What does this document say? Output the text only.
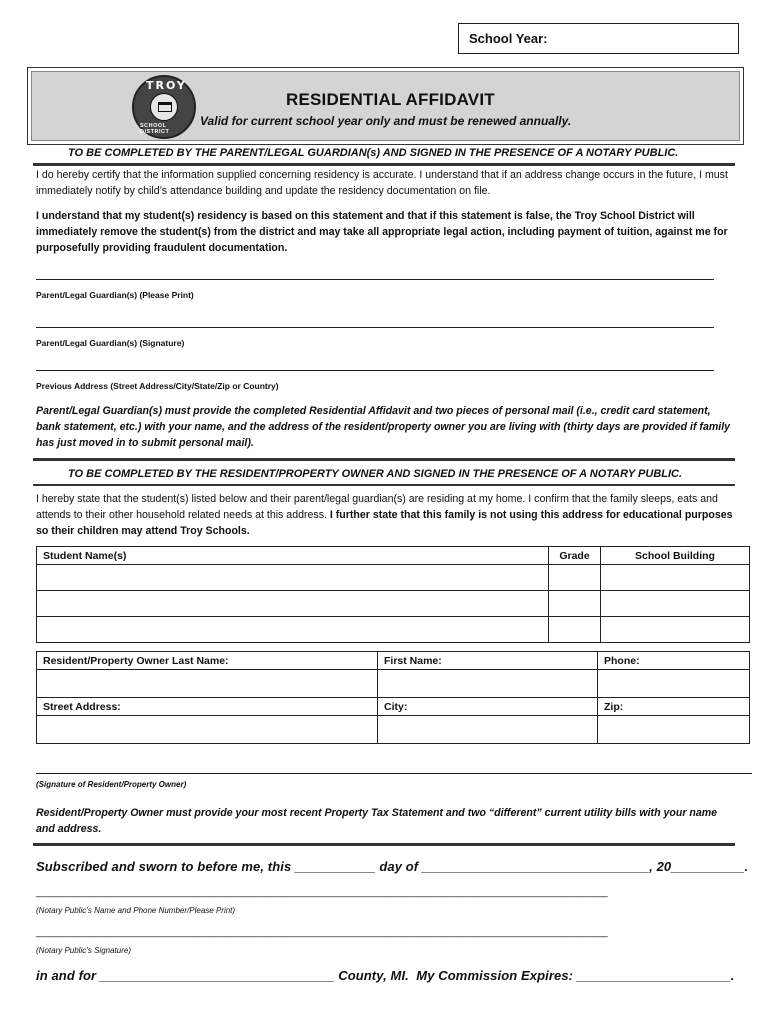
School Year:
TROY
SCHOOL DISTRICT
RESIDENTIAL AFFIDAVIT
Valid for current school year only and must be renewed annually.
TO BE COMPLETED BY THE PARENT/LEGAL GUARDIAN(s) AND SIGNED IN THE PRESENCE OF A NOTARY PUBLIC.
I do hereby certify that the information supplied concerning residency is accurate. I understand that if an address change occurs in the future, I must immediately notify by child’s attendance building and update the residency documentation on file.
I understand that my student(s) residency is based on this statement and that if this statement is false, the Troy School District will immediately remove the student(s) from the district and may take all appropriate legal action, including payment of tuition, against me for purposefully providing fraudulent documentation.
Parent/Legal Guardian(s) (Please Print)
Parent/Legal Guardian(s) (Signature)
Previous Address (Street Address/City/State/Zip or Country)
Parent/Legal Guardian(s) must provide the completed Residential Affidavit and two pieces of personal mail (i.e., credit card statement, bank statement, etc.) with your name, and the address of the resident/property owner you are living with (thirty days are provided if family has just moved in to submit personal mail).
TO BE COMPLETED BY THE RESIDENT/PROPERTY OWNER AND SIGNED IN THE PRESENCE OF A NOTARY PUBLIC.
I hereby state that the student(s) listed below and their parent/legal guardian(s) are residing at my home. I confirm that the family sleeps, eats and attends to their other household related needs at this address. I further state that this family is not using this address for educational purposes so their children may attend Troy Schools.
Student Name(s)	Grade	School Building

Resident/Property Owner Last Name:	First Name:	Phone:

Street Address:	City:	Zip:

(Signature of Resident/Property Owner)
Resident/Property Owner must provide your most recent Property Tax Statement and two “different” current utility bills with your name and address.
Subscribed and sworn to before me, this ___________ day of _______________________________, 20__________.
_____________________________________________________________________________________________________
(Notary Public’s Name and Phone Number/Please Print)
_____________________________________________________________________________________________________
(Notary Public’s Signature)
in and for ________________________________ County, MI.  My Commission Expires: _____________________.
